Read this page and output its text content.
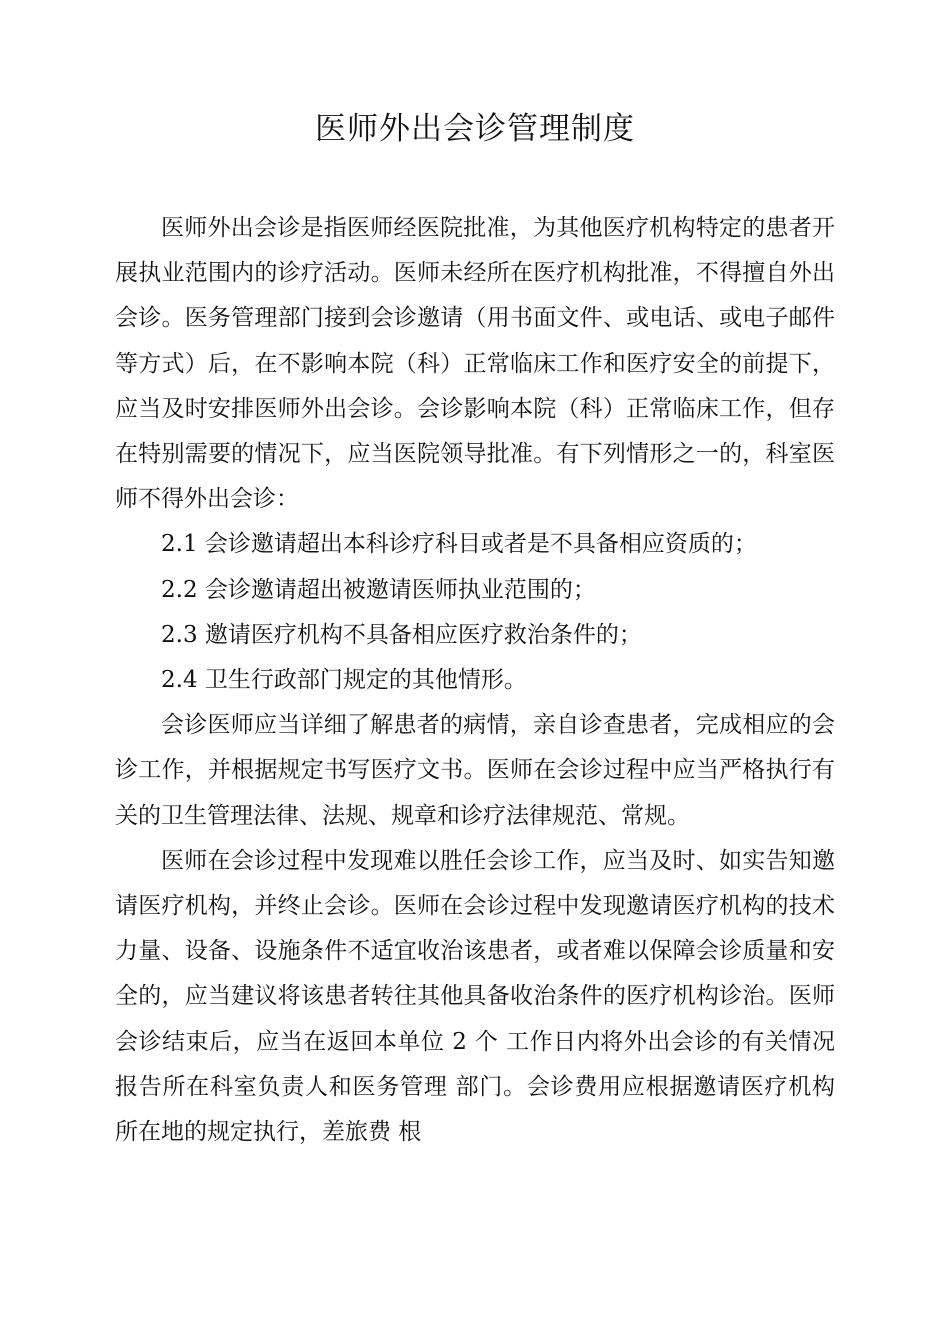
医师外出会诊管理制度

医师外出会诊是指医师经医院批准，为其他医疗机构特定的患者开展执业范围内的诊疗活动。医师未经所在医疗机构批准，不得擅自外出会诊。医务管理部门接到会诊邀请（用书面文件、或电话、或电子邮件等方式）后，在不影响本院（科）正常临床工作和医疗安全的前提下，应当及时安排医师外出会诊。会诊影响本院（科）正常临床工作，但存在特别需要的情况下，应当医院领导批准。有下列情形之一的，科室医师不得外出会诊：

2.1 会诊邀请超出本科诊疗科目或者是不具备相应资质的；

2.2 会诊邀请超出被邀请医师执业范围的；

2.3 邀请医疗机构不具备相应医疗救治条件的；

2.4 卫生行政部门规定的其他情形。

会诊医师应当详细了解患者的病情，亲自诊查患者，完成相应的会诊工作，并根据规定书写医疗文书。医师在会诊过程中应当严格执行有关的卫生管理法律、法规、规章和诊疗法律规范、常规。

医师在会诊过程中发现难以胜任会诊工作，应当及时、如实告知邀请医疗机构，并终止会诊。医师在会诊过程中发现邀请医疗机构的技术力量、设备、设施条件不适宜收治该患者，或者难以保障会诊质量和安全的，应当建议将该患者转往其他具备收治条件的医疗机构诊治。医师会诊结束后，应当在返回本单位 2 个 工作日内将外出会诊的有关情况报告所在科室负责人和医务管理 部门。会诊费用应根据邀请医疗机构所在地的规定执行，差旅费 根
